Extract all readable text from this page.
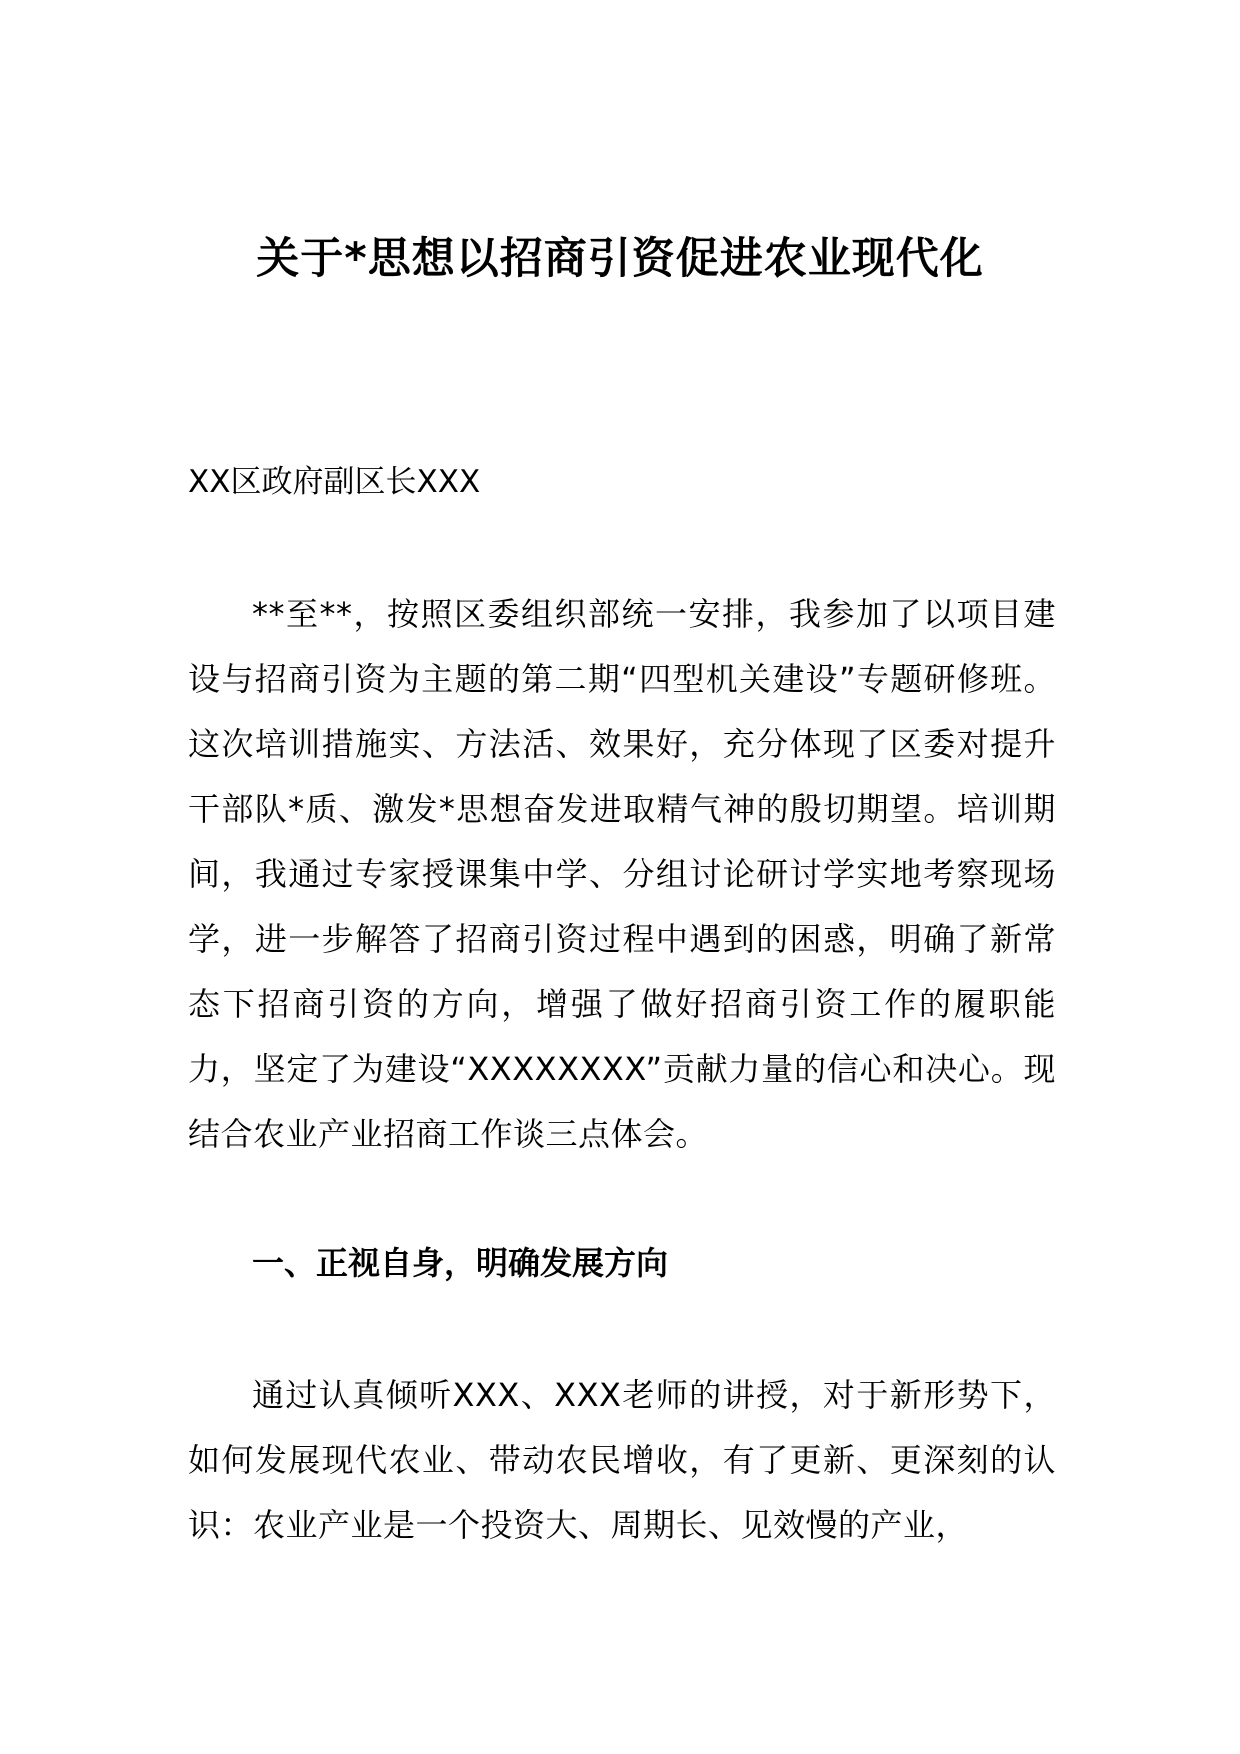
关于*思想以招商引资促进农业现代化
XX区政府副区长XXX

**至**，按照区委组织部统一安排，我参加了以项目建设与招商引资为主题的第二期“四型机关建设”专题研修班。这次培训措施实、方法活、效果好，充分体现了区委对提升干部队*质、激发*思想奋发进取精气神的殷切期望。培训期间，我通过专家授课集中学、分组讨论研讨学实地考察现场学，进一步解答了招商引资过程中遇到的困惑，明确了新常态下招商引资的方向，增强了做好招商引资工作的履职能力，坚定了为建设“XXXXXXXX”贡献力量的信心和决心。现结合农业产业招商工作谈三点体会。

一、正视自身，明确发展方向

通过认真倾听XXX、XXX老师的讲授，对于新形势下，如何发展现代农业、带动农民增收，有了更新、更深刻的认识：农业产业是一个投资大、周期长、见效慢的产业，
